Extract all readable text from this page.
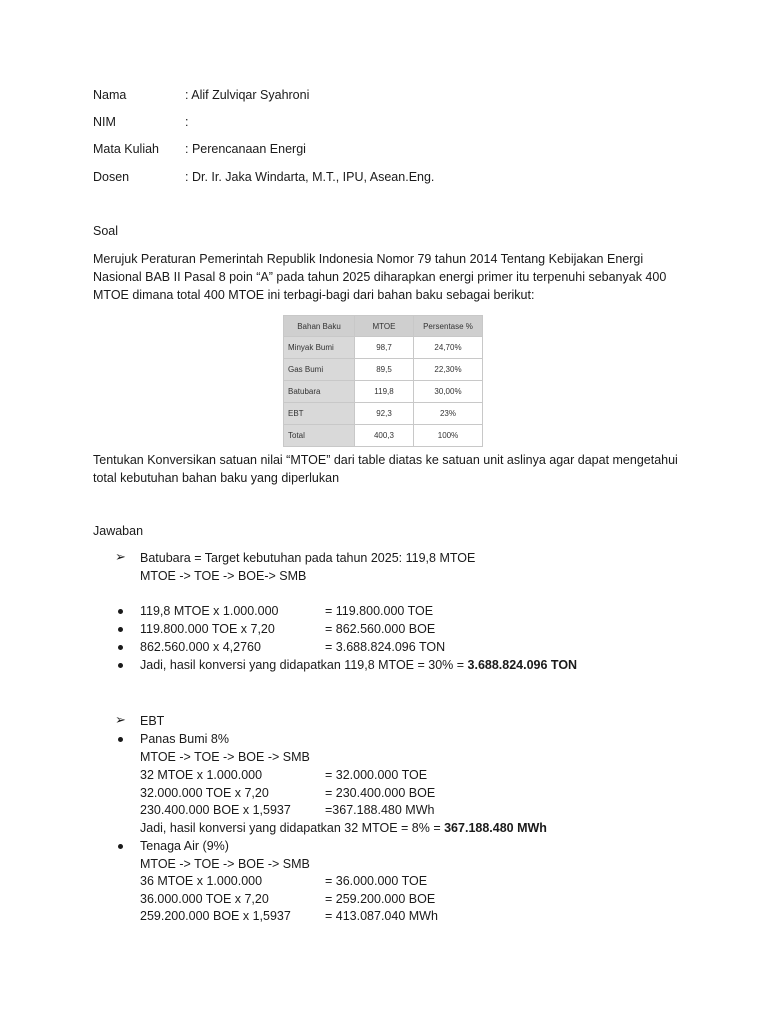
Nama	: Alif Zulviqar Syahroni
NIM	:
Mata Kuliah : Perencanaan Energi
Dosen	: Dr. Ir. Jaka Windarta, M.T., IPU, Asean.Eng.
Soal
Merujuk Peraturan Pemerintah Republik Indonesia Nomor 79 tahun 2014 Tentang Kebijakan Energi Nasional BAB II Pasal 8 poin “A” pada tahun 2025 diharapkan energi primer itu terpenuhi sebanyak 400 MTOE dimana total 400 MTOE ini terbagi-bagi dari bahan baku sebagai berikut:
Bahan Baku	MTOE	Persentase %
Minyak Bumi	98,7	24,70%
Gas Bumi	89,5	22,30%
Batubara	119,8	30,00%
EBT	92,3	23%
Total	400,3	100%
Tentukan Konversikan satuan nilai “MTOE” dari table diatas ke satuan unit aslinya agar dapat mengetahui total kebutuhan bahan baku yang diperlukan
Jawaban
➢ Batubara = Target kebutuhan pada tahun 2025: 119,8 MTOE
MTOE -> TOE -> BOE-> SMB
119,8 MTOE x 1.000.000	= 119.800.000 TOE
119.800.000 TOE x 7,20	= 862.560.000 BOE
862.560.000 x 4,2760	= 3.688.824.096 TON
Jadi, hasil konversi yang didapatkan 119,8 MTOE = 30% = 3.688.824.096 TON
➢ EBT
Panas Bumi 8%
MTOE -> TOE -> BOE -> SMB
32 MTOE x 1.000.000	= 32.000.000 TOE
32.000.000 TOE x 7,20	= 230.400.000 BOE
230.400.000 BOE x 1,5937	=367.188.480 MWh
Jadi, hasil konversi yang didapatkan 32 MTOE = 8% = 367.188.480 MWh
Tenaga Air (9%)
MTOE -> TOE -> BOE -> SMB
36 MTOE x 1.000.000	= 36.000.000 TOE
36.000.000 TOE x 7,20	= 259.200.000 BOE
259.200.000 BOE x 1,5937	= 413.087.040 MWh
